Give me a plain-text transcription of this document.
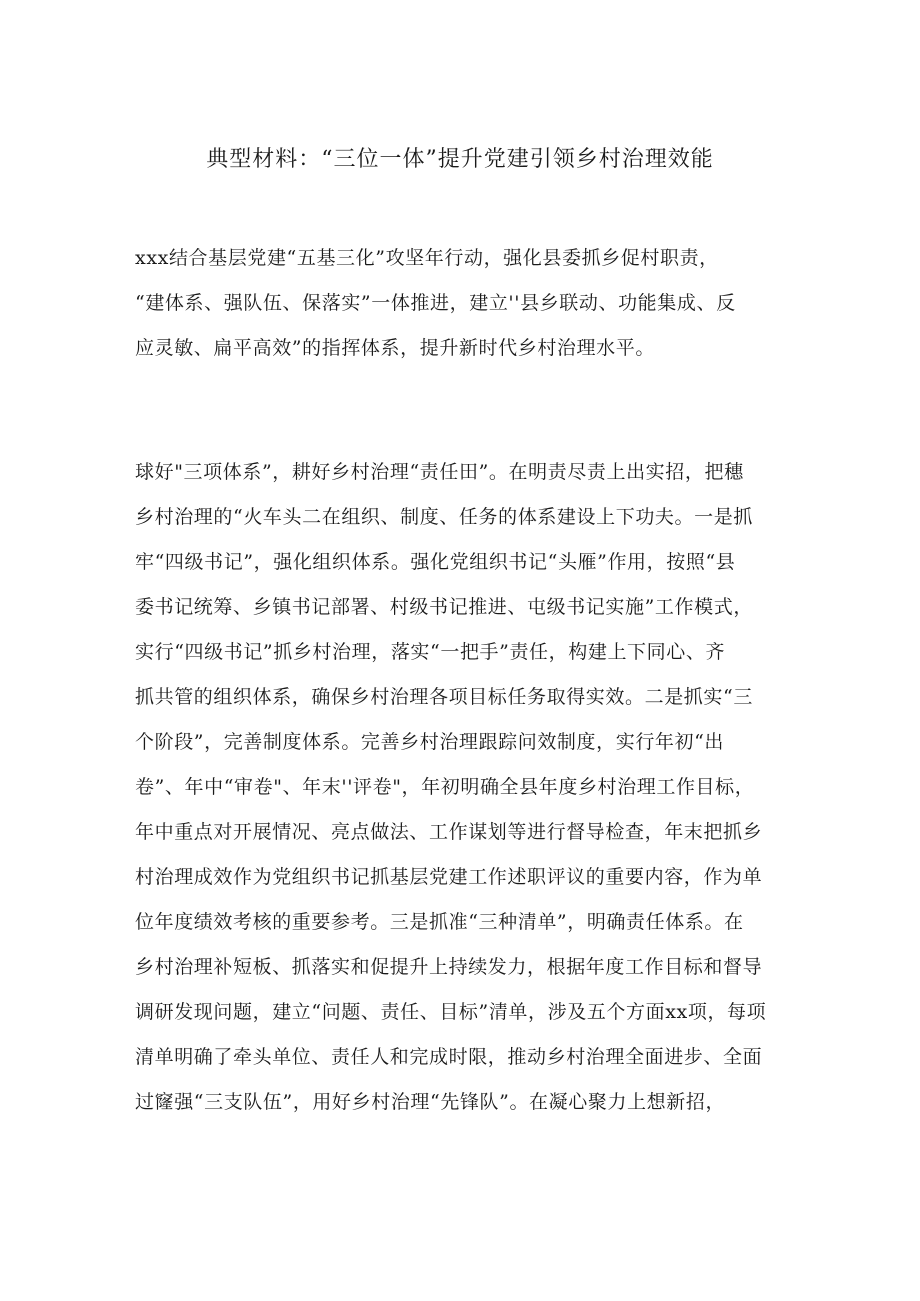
典型材料：“三位一体”提升党建引领乡村治理效能
xxx结合基层党建“五基三化”攻坚年行动，强化县委抓乡促村职责，
“建体系、强队伍、保落实”一体推进，建立''县乡联动、功能集成、反
应灵敏、扁平高效”的指挥体系，提升新时代乡村治理水平。
球好"三项体系”，耕好乡村治理“责任田”。在明责尽责上出实招，把穗
乡村治理的“火车头二在组织、制度、任务的体系建设上下功夫。一是抓
牢“四级书记”，强化组织体系。强化党组织书记“头雁”作用，按照“县
委书记统筹、乡镇书记部署、村级书记推进、屯级书记实施”工作模式，
实行“四级书记”抓乡村治理，落实“一把手”责任，构建上下同心、齐
抓共管的组织体系，确保乡村治理各项目标任务取得实效。二是抓实“三
个阶段”，完善制度体系。完善乡村治理跟踪问效制度，实行年初“出
卷”、年中“审卷"、年末''评卷"，年初明确全县年度乡村治理工作目标，
年中重点对开展情况、亮点做法、工作谋划等进行督导检查，年末把抓乡
村治理成效作为党组织书记抓基层党建工作述职评议的重要内容，作为单
位年度绩效考核的重要参考。三是抓准“三种清单”，明确责任体系。在
乡村治理补短板、抓落实和促提升上持续发力，根据年度工作目标和督导
调研发现问题，建立“问题、责任、目标”清单，涉及五个方面xx项，每项
清单明确了牵头单位、责任人和完成时限，推动乡村治理全面进步、全面
过窿强“三支队伍”，用好乡村治理“先锋队”。在凝心聚力上想新招，
